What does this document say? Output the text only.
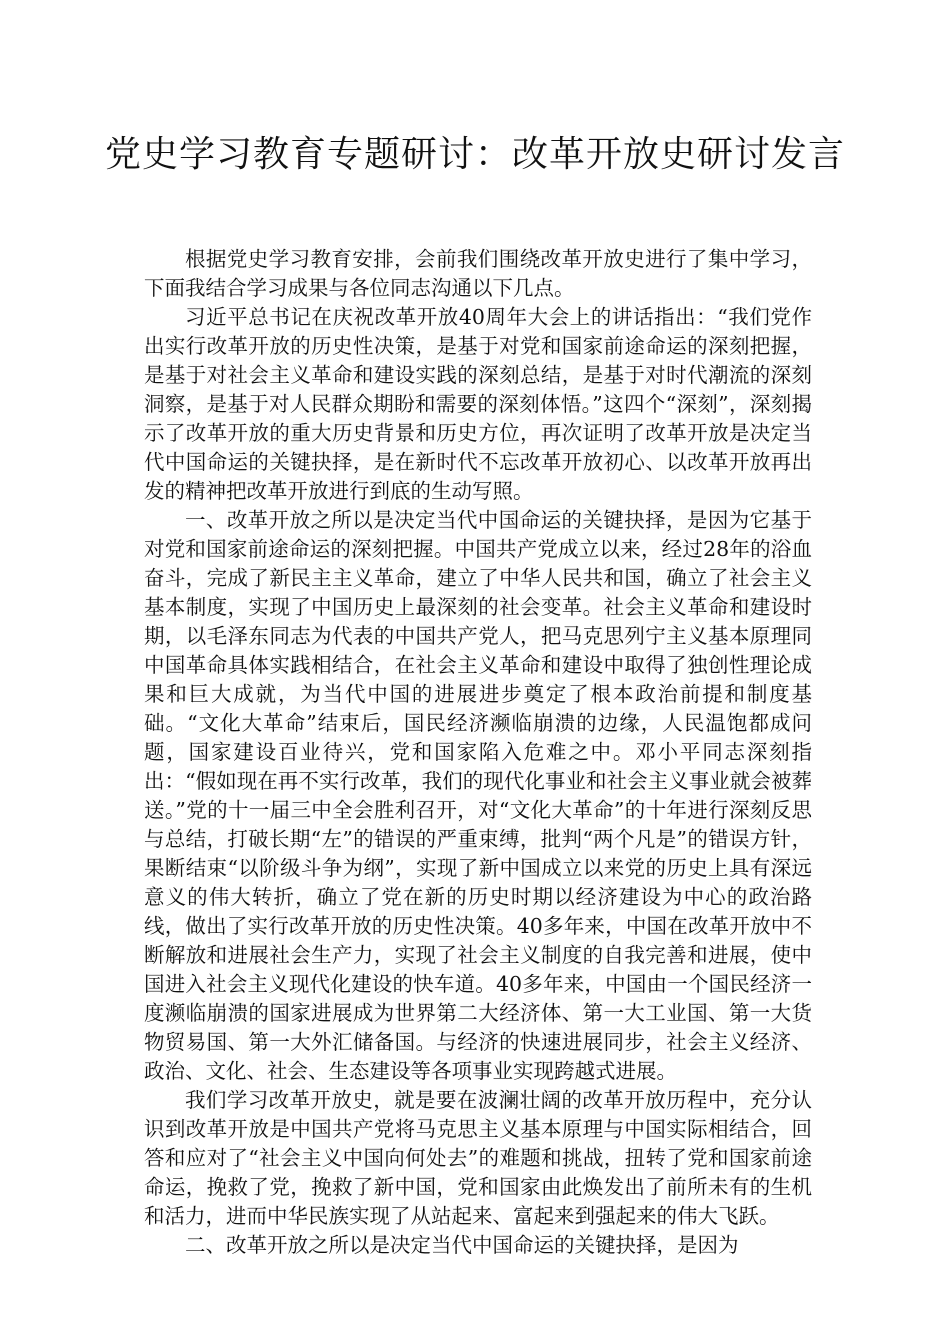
党史学习教育专题研讨：改革开放史研讨发言

根据党史学习教育安排，会前我们围绕改革开放史进行了集中学习，下面我结合学习成果与各位同志沟通以下几点。

习近平总书记在庆祝改革开放40周年大会上的讲话指出：“我们党作出实行改革开放的历史性决策，是基于对党和国家前途命运的深刻把握，是基于对社会主义革命和建设实践的深刻总结，是基于对时代潮流的深刻洞察，是基于对人民群众期盼和需要的深刻体悟。”这四个“深刻”，深刻揭示了改革开放的重大历史背景和历史方位，再次证明了改革开放是决定当代中国命运的关键抉择，是在新时代不忘改革开放初心、以改革开放再出发的精神把改革开放进行到底的生动写照。

一、改革开放之所以是决定当代中国命运的关键抉择，是因为它基于对党和国家前途命运的深刻把握。中国共产党成立以来，经过28年的浴血奋斗，完成了新民主主义革命，建立了中华人民共和国，确立了社会主义基本制度，实现了中国历史上最深刻的社会变革。社会主义革命和建设时期，以毛泽东同志为代表的中国共产党人，把马克思列宁主义基本原理同中国革命具体实践相结合，在社会主义革命和建设中取得了独创性理论成果和巨大成就，为当代中国的进展进步奠定了根本政治前提和制度基础。“文化大革命”结束后，国民经济濒临崩溃的边缘，人民温饱都成问题，国家建设百业待兴，党和国家陷入危难之中。邓小平同志深刻指出：“假如现在再不实行改革，我们的现代化事业和社会主义事业就会被葬送。”党的十一届三中全会胜利召开，对“文化大革命”的十年进行深刻反思与总结，打破长期“左”的错误的严重束缚，批判“两个凡是”的错误方针，果断结束“以阶级斗争为纲”，实现了新中国成立以来党的历史上具有深远意义的伟大转折，确立了党在新的历史时期以经济建设为中心的政治路线，做出了实行改革开放的历史性决策。40多年来，中国在改革开放中不断解放和进展社会生产力，实现了社会主义制度的自我完善和进展，使中国进入社会主义现代化建设的快车道。40多年来，中国由一个国民经济一度濒临崩溃的国家进展成为世界第二大经济体、第一大工业国、第一大货物贸易国、第一大外汇储备国。与经济的快速进展同步，社会主义经济、政治、文化、社会、生态建设等各项事业实现跨越式进展。

我们学习改革开放史，就是要在波澜壮阔的改革开放历程中，充分认识到改革开放是中国共产党将马克思主义基本原理与中国实际相结合，回答和应对了“社会主义中国向何处去”的难题和挑战，扭转了党和国家前途命运，挽救了党，挽救了新中国，党和国家由此焕发出了前所未有的生机和活力，进而中华民族实现了从站起来、富起来到强起来的伟大飞跃。

二、改革开放之所以是决定当代中国命运的关键抉择，是因为
